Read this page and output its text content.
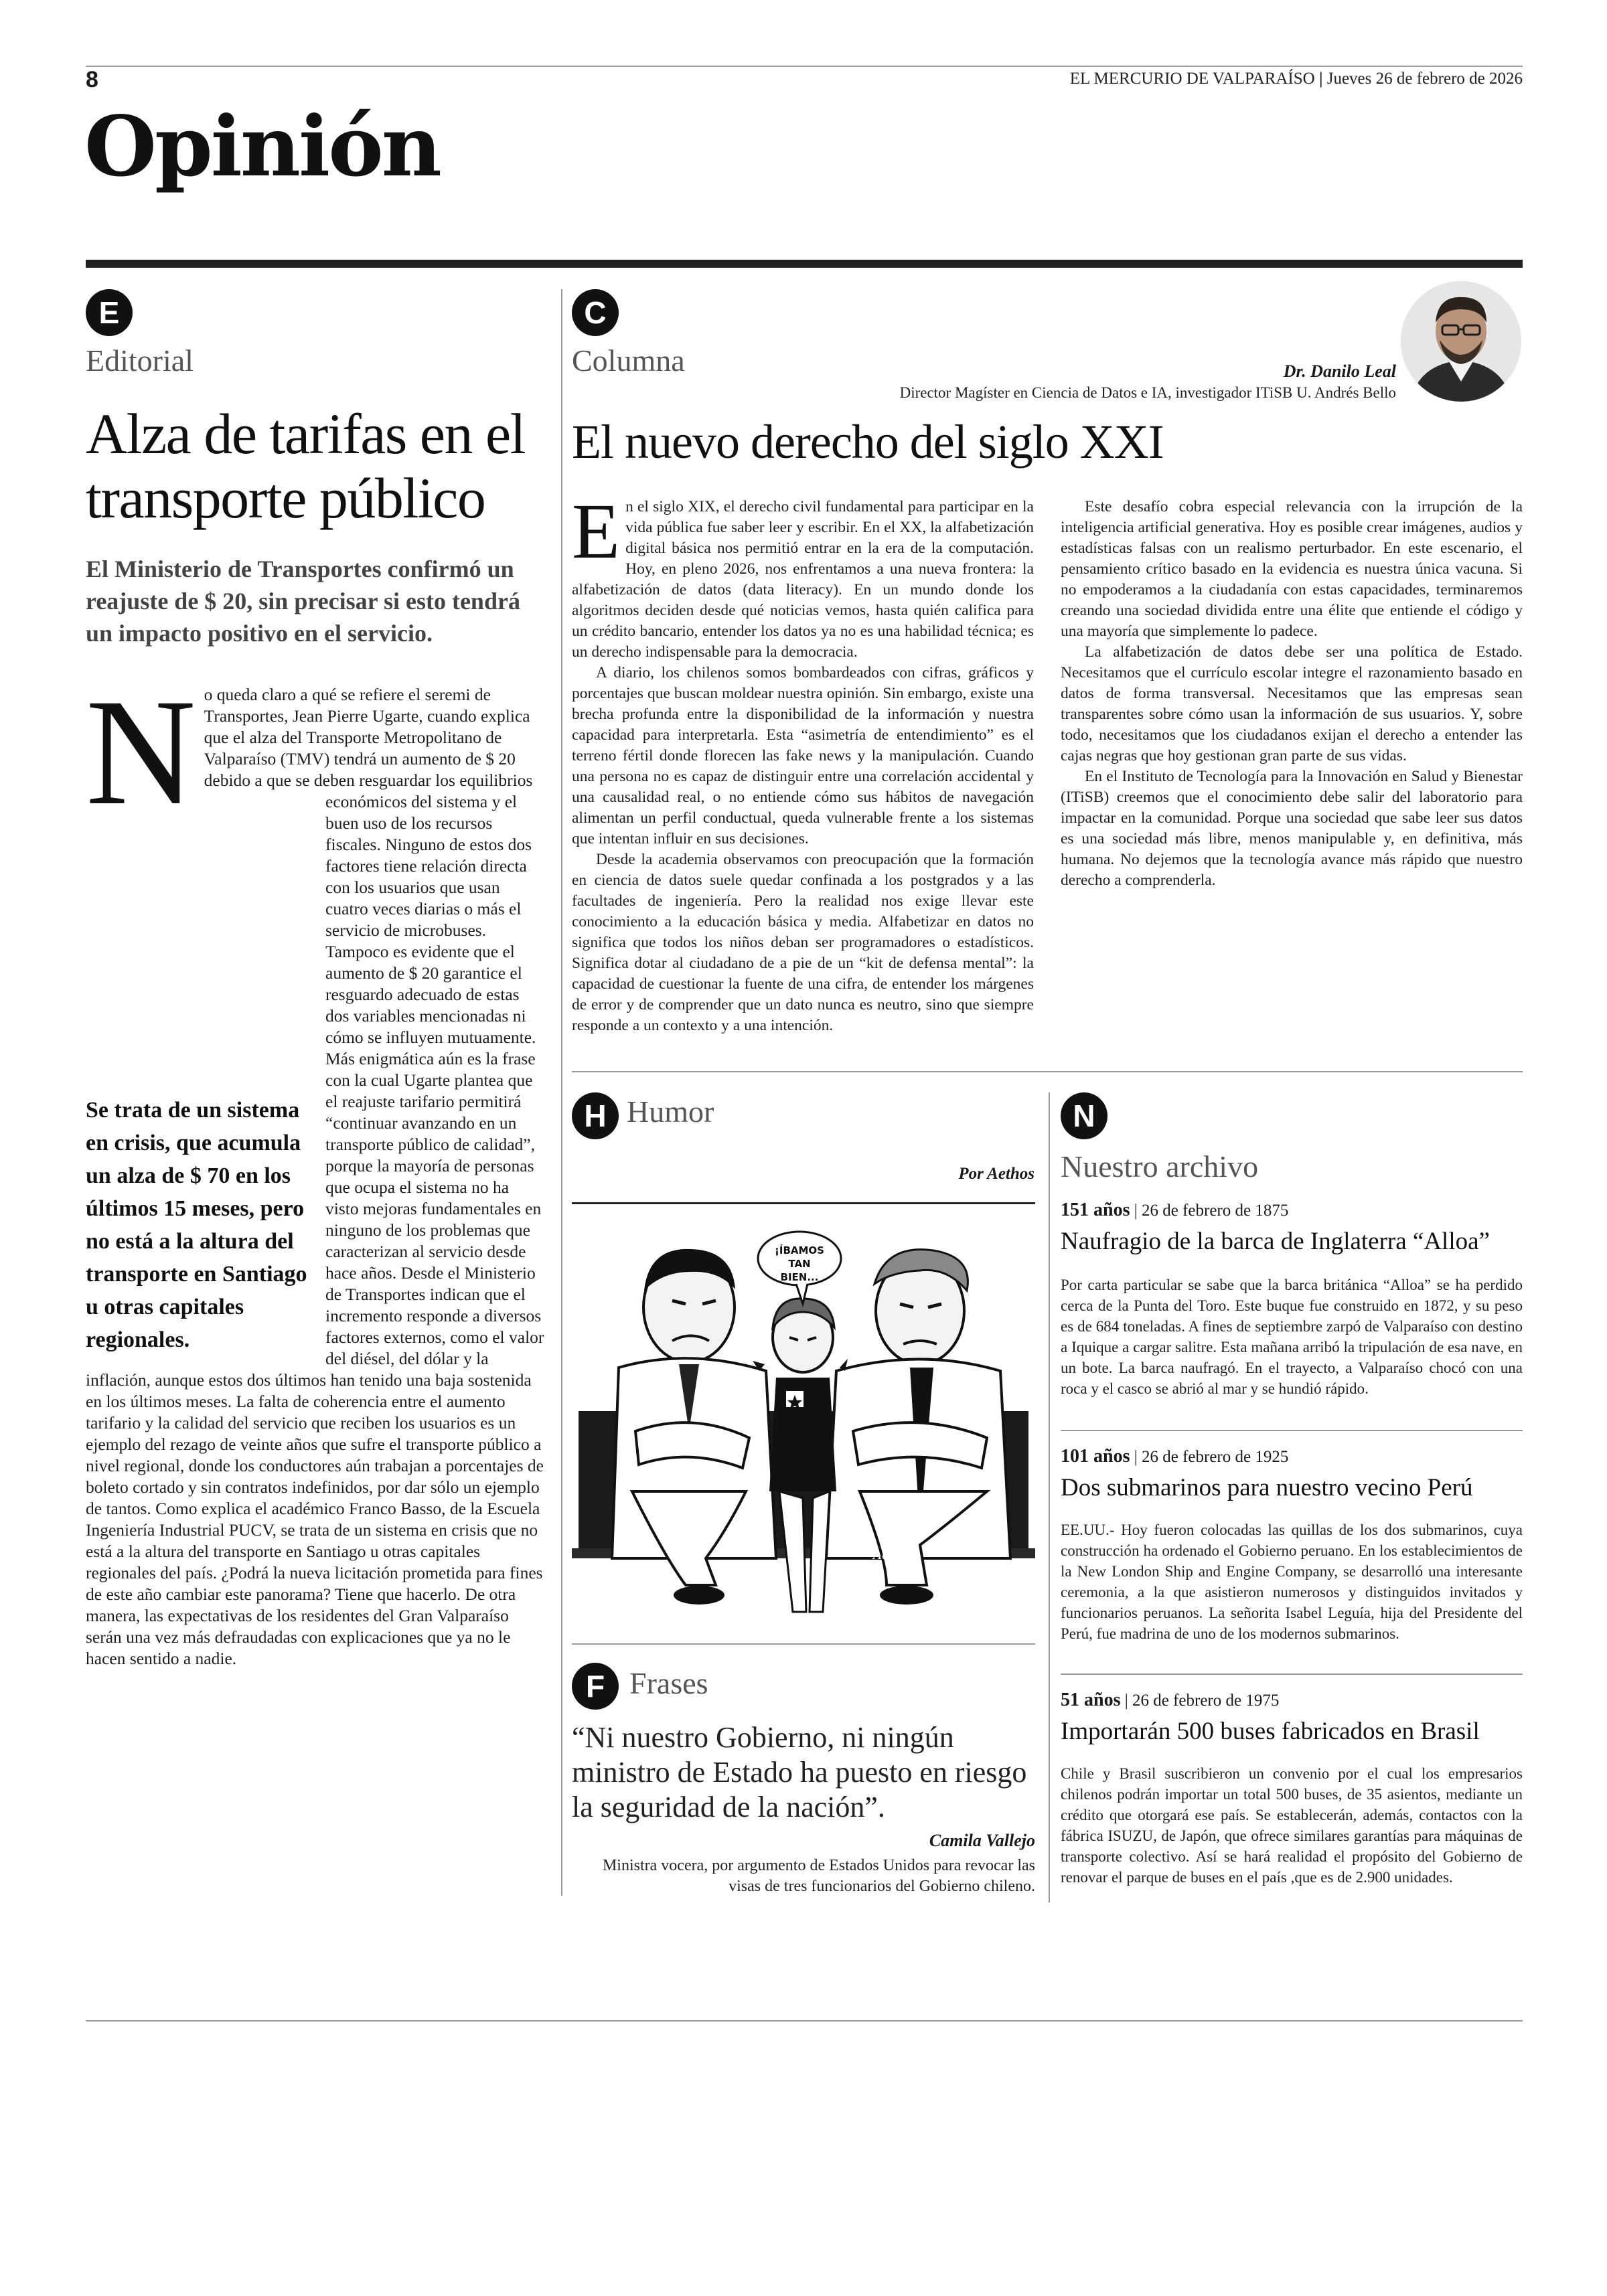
8	EL MERCURIO DE VALPARAÍSO | Jueves 26 de febrero de 2026
Opinión
E
Editorial
Alza de tarifas en el transporte público
El Ministerio de Transportes confirmó un reajuste de $ 20, sin precisar si esto tendrá un impacto positivo en el servicio.
N
Se trata de un sistema en crisis, que acumula un alza de $ 70 en los últimos 15 meses, pero no está a la altura del transporte en Santiago u otras capitales regionales.
o queda claro a qué se refiere el seremi de Transportes, Jean Pierre Ugarte, cuando explica que el alza del Transporte Metropolitano de Valparaíso (TMV) tendrá un aumento de $ 20 debido a que se deben resguardar los equilibrios económicos del sistema y el buen uso de los recursos fiscales. Ninguno de estos dos factores tiene relación directa con los usuarios que usan cuatro veces diarias o más el servicio de microbuses. Tampoco es evidente que el aumento de $ 20 garantice el resguardo adecuado de estas dos variables mencionadas ni cómo se influyen mutuamente. Más enigmática aún es la frase con la cual Ugarte plantea que el reajuste tarifario permitirá “continuar avanzando en un transporte público de calidad”, porque la mayoría de personas que ocupa el sistema no ha visto mejoras fundamentales en ninguno de los problemas que caracterizan al servicio desde hace años. Desde el Ministerio de Transportes indican que el incremento responde a diversos factores externos, como el valor del diésel, del dólar y la inflación, aunque estos dos últimos han tenido una baja sostenida en los últimos meses. La falta de coherencia entre el aumento tarifario y la calidad del servicio que reciben los usuarios es un ejemplo del rezago de veinte años que sufre el transporte público a nivel regional, donde los conductores aún trabajan a porcentajes de boleto cortado y sin contratos indefinidos, por dar sólo un ejemplo de tantos. Como explica el académico Franco Basso, de la Escuela Ingeniería Industrial PUCV, se trata de un sistema en crisis que no está a la altura del transporte en Santiago u otras capitales regionales del país. ¿Podrá la nueva licitación prometida para fines de este año cambiar este panorama? Tiene que hacerlo. De otra manera, las expectativas de los residentes del Gran Valparaíso serán una vez más defraudadas con explicaciones que ya no le hacen sentido a nadie.
C
Columna	Dr. Danilo Leal
Director Magíster en Ciencia de Datos e IA, investigador ITiSB U. Andrés Bello
El nuevo derecho del siglo XXI

En el siglo XIX, el derecho civil fundamental para participar en la vida pública fue saber leer y escribir. En el XX, la alfabetización digital básica nos permitió entrar en la era de la computación. Hoy, en pleno 2026, nos enfrentamos a una nueva frontera: la alfabetización de datos (data literacy). En un mundo donde los algoritmos deciden desde qué noticias vemos, hasta quién califica para un crédito bancario, entender los datos ya no es una habilidad técnica; es un derecho indispensable para la democracia.

A diario, los chilenos somos bombardeados con cifras, gráficos y porcentajes que buscan moldear nuestra opinión. Sin embargo, existe una brecha profunda entre la disponibilidad de la información y nuestra capacidad para interpretarla. Esta “asimetría de entendimiento” es el terreno fértil donde florecen las fake news y la manipulación. Cuando una persona no es capaz de distinguir entre una correlación accidental y una causalidad real, o no entiende cómo sus hábitos de navegación alimentan un perfil conductual, queda vulnerable frente a los sistemas que intentan influir en sus decisiones.

Desde la academia observamos con preocupación que la formación en ciencia de datos suele quedar confinada a los postgrados y a las facultades de ingeniería. Pero la realidad nos exige llevar este conocimiento a la educación básica y media. Alfabetizar en datos no significa que todos los niños deban ser programadores o estadísticos. Significa dotar al ciudadano de a pie de un “kit de defensa mental”: la capacidad de cuestionar la fuente de una cifra, de entender los márgenes de error y de comprender que un dato nunca es neutro, sino que siempre responde a un contexto y a una intención.

Este desafío cobra especial relevancia con la irrupción de la inteligencia artificial generativa. Hoy es posible crear imágenes, audios y estadísticas falsas con un realismo perturbador. En este escenario, el pensamiento crítico basado en la evidencia es nuestra única vacuna. Si no empoderamos a la ciudadanía con estas capacidades, terminaremos creando una sociedad dividida entre una élite que entiende el código y una mayoría que simplemente lo padece.

La alfabetización de datos debe ser una política de Estado. Necesitamos que el currículo escolar integre el razonamiento basado en datos de forma transversal. Necesitamos que las empresas sean transparentes sobre cómo usan la información de sus usuarios. Y, sobre todo, necesitamos que los ciudadanos exijan el derecho a entender las cajas negras que hoy gestionan gran parte de sus vidas.

En el Instituto de Tecnología para la Innovación en Salud y Bienestar (ITiSB) creemos que el conocimiento debe salir del laboratorio para impactar en la comunidad. Porque una sociedad que sabe leer sus datos es una sociedad más libre, menos manipulable y, en definitiva, más humana. No dejemos que la tecnología avance más rápido que nuestro derecho a comprenderla.

H Humor
Por Aethos
¡ÍBAMOS TAN BIEN...
Aethos
F Frases
“Ni nuestro Gobierno, ni ningún ministro de Estado ha puesto en riesgo la seguridad de la nación”.
Camila Vallejo
Ministra vocera, por argumento de Estados Unidos para revocar las visas de tres funcionarios del Gobierno chileno.
N
Nuestro archivo
151 años | 26 de febrero de 1875
Naufragio de la barca de Inglaterra “Alloa”
Por carta particular se sabe que la barca británica “Alloa” se ha perdido cerca de la Punta del Toro. Este buque fue construido en 1872, y su peso es de 684 toneladas. A fines de septiembre zarpó de Valparaíso con destino a Iquique a cargar salitre. Esta mañana arribó la tripulación de esa nave, en un bote. La barca naufragó. En el trayecto, a Valparaíso chocó con una roca y el casco se abrió al mar y se hundió rápido.
101 años | 26 de febrero de 1925
Dos submarinos para nuestro vecino Perú
EE.UU.- Hoy fueron colocadas las quillas de los dos submarinos, cuya construcción ha ordenado el Gobierno peruano. En los establecimientos de la New London Ship and Engine Company, se desarrolló una interesante ceremonia, a la que asistieron numerosos y distinguidos invitados y funcionarios peruanos. La señorita Isabel Leguía, hija del Presidente del Perú, fue madrina de uno de los modernos submarinos.
51 años | 26 de febrero de 1975
Importarán 500 buses fabricados en Brasil
Chile y Brasil suscribieron un convenio por el cual los empresarios chilenos podrán importar un total 500 buses, de 35 asientos, mediante un crédito que otorgará ese país. Se establecerán, además, contactos con la fábrica ISUZU, de Japón, que ofrece similares garantías para máquinas de transporte colectivo. Así se hará realidad el propósito del Gobierno de renovar el parque de buses en el país ,que es de 2.900 unidades.
